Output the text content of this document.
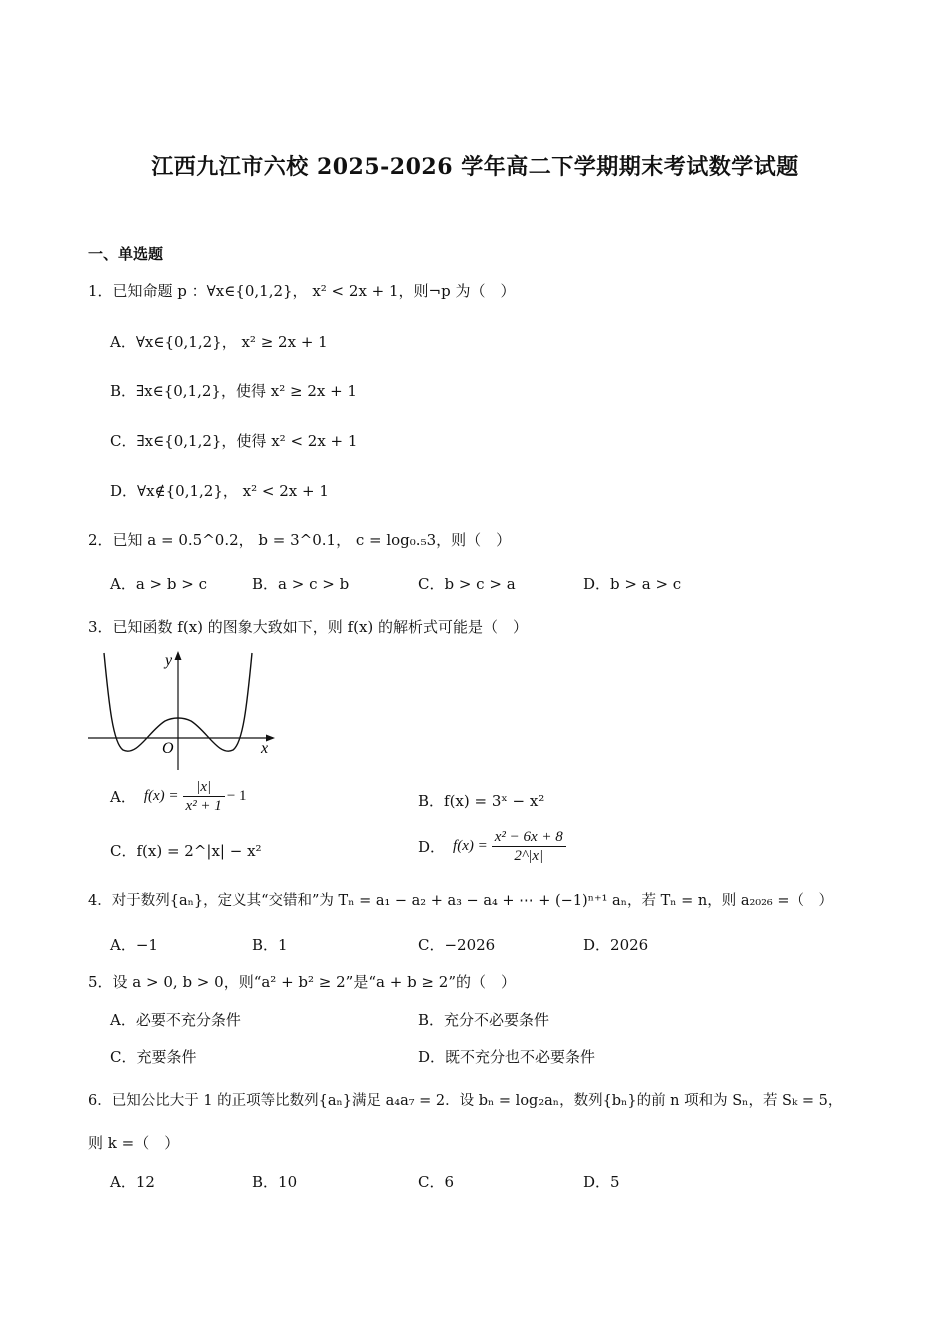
江西九江市六校 2025-2026 学年高二下学期期末考试数学试题
一、单选题
1．已知命题 p ：∀x∈{0,1,2}， x² < 2x + 1，则¬p 为（　）
A．∀x∈{0,1,2}， x² ≥ 2x + 1
B．∃x∈{0,1,2}，使得 x² ≥ 2x + 1
C．∃x∈{0,1,2}，使得 x² < 2x + 1
D．∀x∉{0,1,2}， x² < 2x + 1
2．已知 a = 0.5^0.2， b = 3^0.1， c = log₀.₅3，则（　）
A．a > b > c	B．a > c > b	C．b > c > a	D．b > a > c
3．已知函数 f(x) 的图象大致如下，则 f(x) 的解析式可能是（　）
y
x
O
A． $f(x) = \frac{|x|}{\text{x² + 1}} - 1$	B．f(x) = 3ˣ − x²
C．f(x) = 2^|x| − x²	D． $f(x) = \frac{\text{x² − 6x + 8}}{2\^{}|x|}$
4．对于数列{aₙ}，定义其“交错和”为 Tₙ = a₁ − a₂ + a₃ − a₄ + ⋯ + (−1)ⁿ⁺¹ aₙ，若 Tₙ = n，则 a₂₀₂₆ =（　）
A．−1	B．1	C．−2026	D．2026
5．设 a > 0, b > 0，则“a² + b² ≥ 2”是“a + b ≥ 2”的（　）
A．必要不充分条件	B．充分不必要条件
C．充要条件	D．既不充分也不必要条件
6．已知公比大于 1 的正项等比数列{aₙ}满足 a₄a₇ = 2．设 bₙ = log₂aₙ，数列{bₙ}的前 n 项和为 Sₙ，若 Sₖ = 5，
则 k =（　）
A．12	B．10	C．6	D．5
